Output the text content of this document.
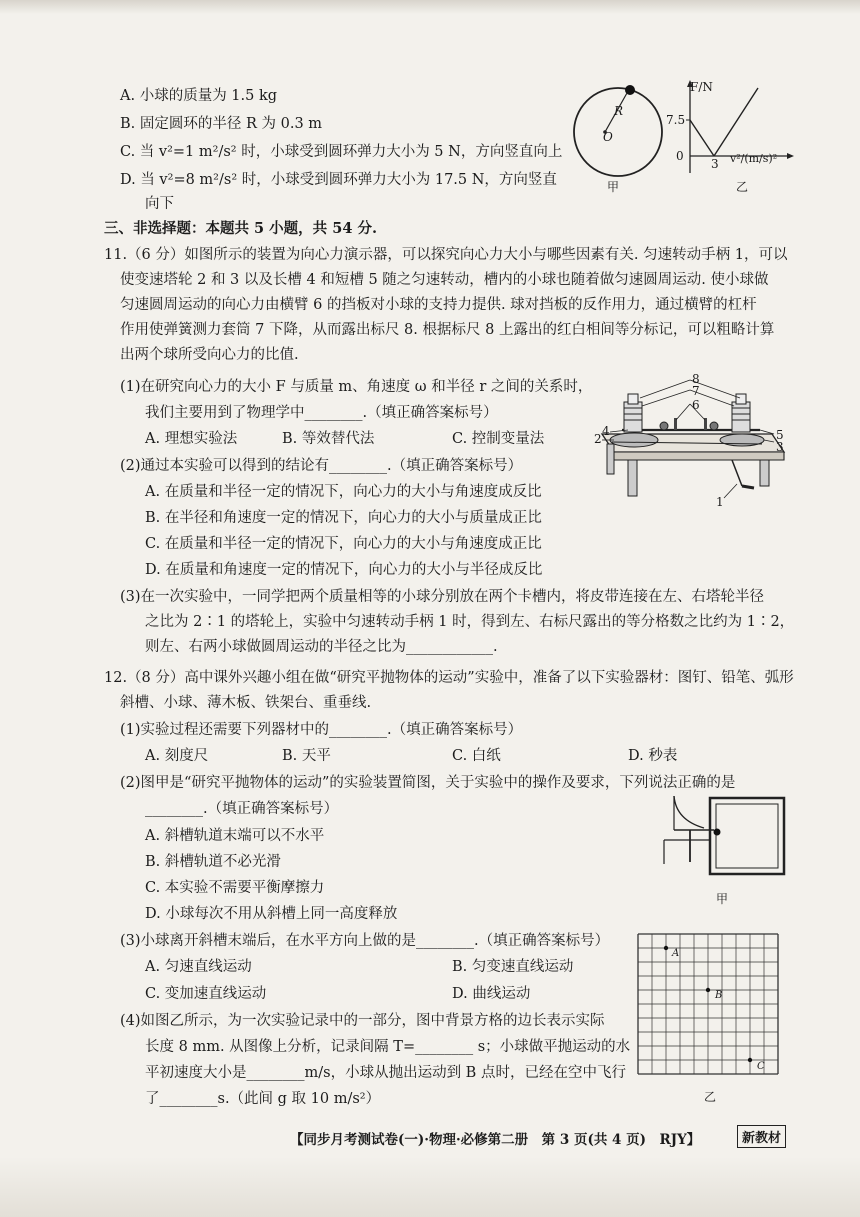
A. 小球的质量为 1.5 kg
B. 固定圆环的半径 R 为 0.3 m
C. 当 v²=1 m²/s² 时，小球受到圆环弹力大小为 5 N，方向竖直向上
D. 当 v²=8 m²/s² 时，小球受到圆环弹力大小为 17.5 N，方向竖直
向下
R
O
甲
F/N
7.5
0
3 v²/(m/s)²
乙
三、非选择题：本题共 5 小题，共 54 分.
11.（6 分）如图所示的装置为向心力演示器，可以探究向心力大小与哪些因素有关. 匀速转动手柄 1，可以
使变速塔轮 2 和 3 以及长槽 4 和短槽 5 随之匀速转动，槽内的小球也随着做匀速圆周运动. 使小球做
匀速圆周运动的向心力由横臂 6 的挡板对小球的支持力提供. 球对挡板的反作用力，通过横臂的杠杆
作用使弹簧测力套筒 7 下降，从而露出标尺 8. 根据标尺 8 上露出的红白相间等分标记，可以粗略计算
出两个球所受向心力的比值.
(1)在研究向心力的大小 F 与质量 m、角速度 ω 和半径 r 之间的关系时，
我们主要用到了物理学中________.（填正确答案标号）
A. 理想实验法	B. 等效替代法	C. 控制变量法
(2)通过本实验可以得到的结论有________.（填正确答案标号）
A. 在质量和半径一定的情况下，向心力的大小与角速度成反比
B. 在半径和角速度一定的情况下，向心力的大小与质量成正比
C. 在质量和半径一定的情况下，向心力的大小与角速度成正比
D. 在质量和角速度一定的情况下，向心力的大小与半径成反比
(3)在一次实验中，一同学把两个质量相等的小球分别放在两个卡槽内，将皮带连接在左、右塔轮半径
之比为 2∶1 的塔轮上，实验中匀速转动手柄 1 时，得到左、右标尺露出的等分格数之比约为 1∶2，
则左、右两小球做圆周运动的半径之比为____________.
8
7
6
4
2	5
3
1
12.（8 分）高中课外兴趣小组在做“研究平抛物体的运动”实验中，准备了以下实验器材：图钉、铅笔、弧形
斜槽、小球、薄木板、铁架台、重垂线.
(1)实验过程还需要下列器材中的________.（填正确答案标号）
A. 刻度尺	B. 天平	C. 白纸	D. 秒表
(2)图甲是“研究平抛物体的运动”的实验装置简图，关于实验中的操作及要求，下列说法正确的是
________.（填正确答案标号）
A. 斜槽轨道末端可以不水平
B. 斜槽轨道不必光滑
C. 本实验不需要平衡摩擦力
D. 小球每次不用从斜槽上同一高度释放
甲
(3)小球离开斜槽末端后，在水平方向上做的是________.（填正确答案标号）
A. 匀速直线运动	B. 匀变速直线运动
C. 变加速直线运动	D. 曲线运动
(4)如图乙所示，为一次实验记录中的一部分，图中背景方格的边长表示实际
长度 8 mm. 从图像上分析，记录间隔 T=________ s；小球做平抛运动的水
平初速度大小是________m/s，小球从抛出运动到 B 点时，已经在空中飞行
了________s.（此间 g 取 10 m/s²）
A
B
C
乙
【同步月考测试卷(一)·物理·必修第二册　第 3 页(共 4 页)　RJY】	新教材
